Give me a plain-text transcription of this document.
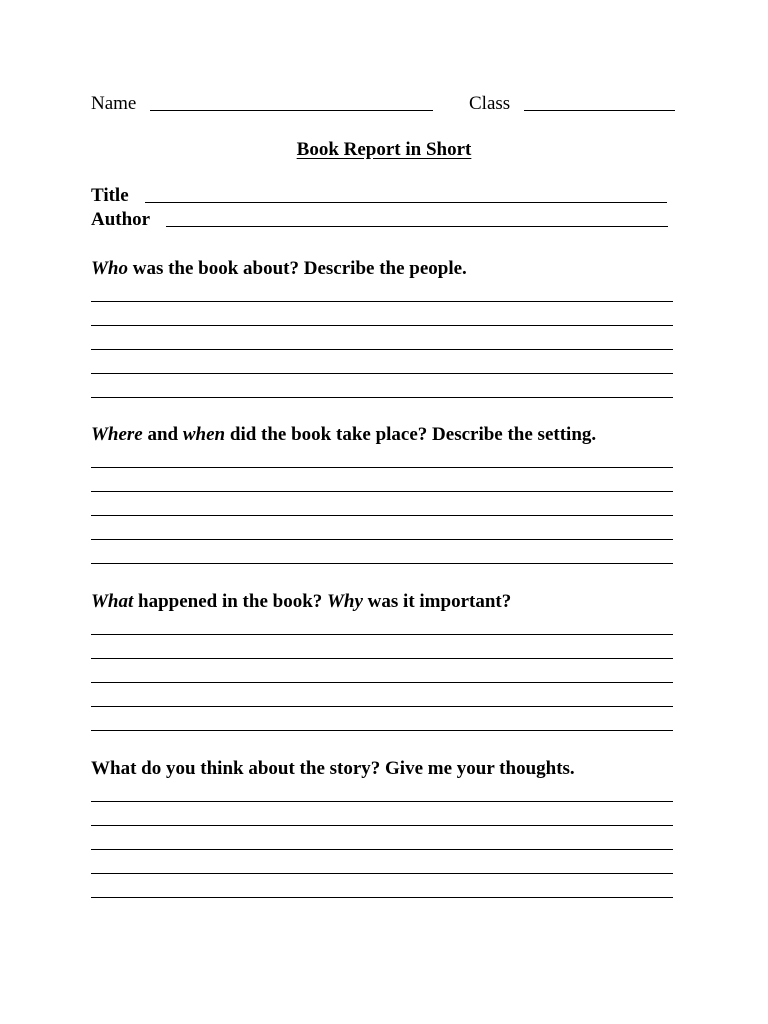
Name	Class
Book Report in Short
Title
Author
Who was the book about? Describe the people.
Where and when did the book take place? Describe the setting.
What happened in the book? Why was it important?
What do you think about the story? Give me your thoughts.
